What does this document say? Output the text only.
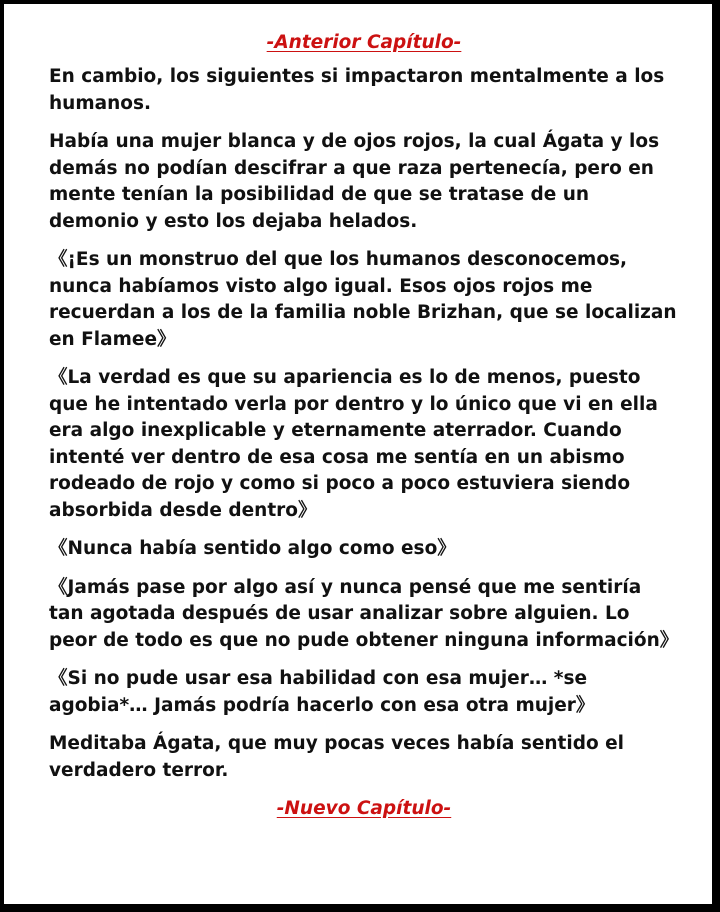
-Anterior Capítulo-

En cambio, los siguientes si impactaron mentalmente a los humanos.

Había una mujer blanca y de ojos rojos, la cual Ágata y los demás no podían descifrar a que raza pertenecía, pero en mente tenían la posibilidad de que se tratase de un demonio y esto los dejaba helados.

《¡Es un monstruo del que los humanos desconocemos, nunca habíamos visto algo igual. Esos ojos rojos me recuerdan a los de la familia noble Brizhan, que se localizan en Flamee》

《La verdad es que su apariencia es lo de menos, puesto que he intentado verla por dentro y lo único que vi en ella era algo inexplicable y eternamente aterrador. Cuando intenté ver dentro de esa cosa me sentía en un abismo rodeado de rojo y como si poco a poco estuviera siendo absorbida desde dentro》

《Nunca había sentido algo como eso》

《Jamás pase por algo así y nunca pensé que me sentiría tan agotada después de usar analizar sobre alguien. Lo peor de todo es que no pude obtener ninguna información》

《Si no pude usar esa habilidad con esa mujer… *se agobia*… Jamás podría hacerlo con esa otra mujer》

Meditaba Ágata, que muy pocas veces había sentido el verdadero terror.

-Nuevo Capítulo-
